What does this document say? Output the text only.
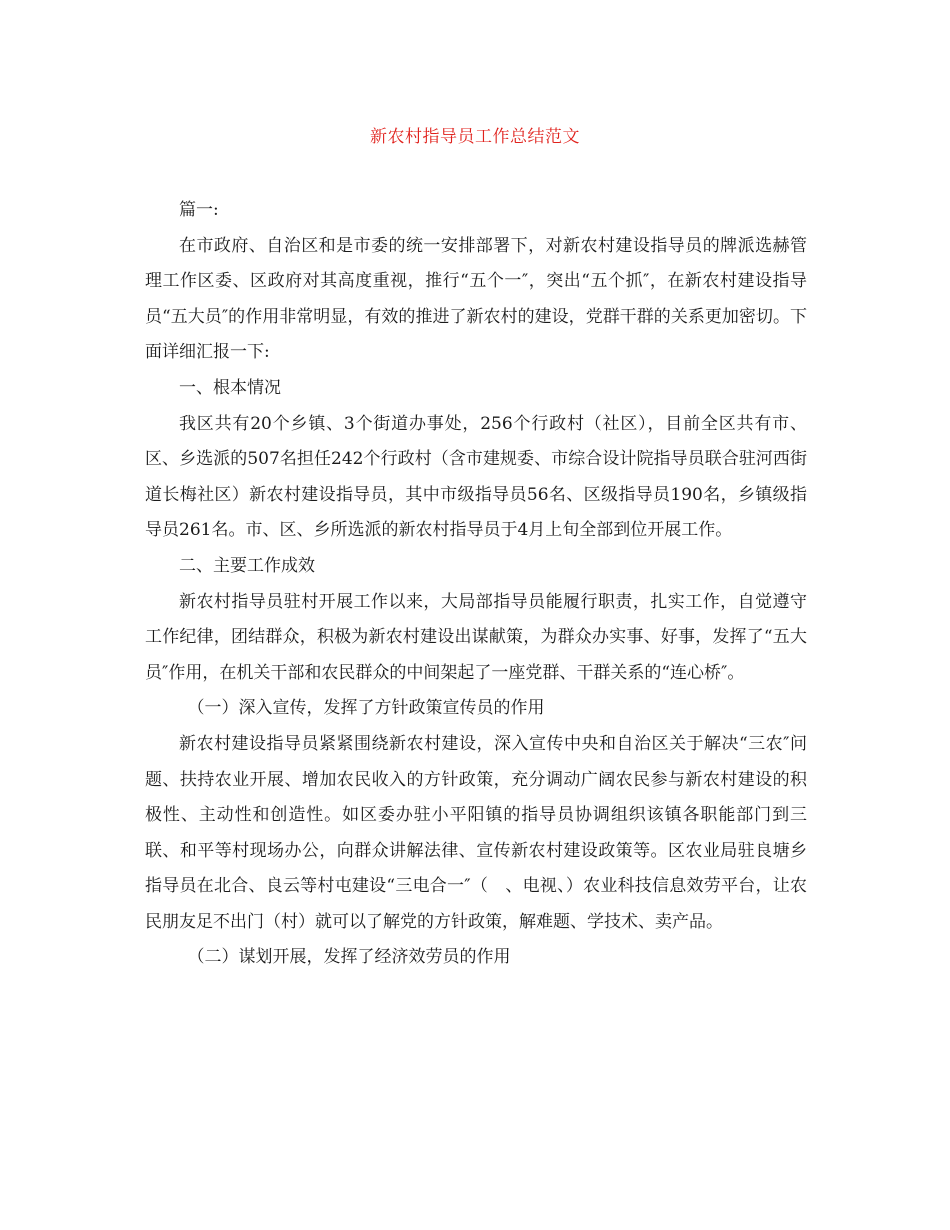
新农村指导员工作总结范文

篇一:

在市政府、自治区和是市委的统一安排部署下，对新农村建设指导员的牌派选赫管理工作区委、区政府对其高度重视，推行“五个一″，突出“五个抓″，在新农村建设指导员“五大员″的作用非常明显，有效的推进了新农村的建设，党群干群的关系更加密切。下面详细汇报一下:

一、根本情况

我区共有20个乡镇、3个街道办事处，256个行政村（社区），目前全区共有市、区、乡选派的507名担任242个行政村（含市建规委、市综合设计院指导员联合驻河西街道长梅社区）新农村建设指导员，其中市级指导员56名、区级指导员190名，乡镇级指导员261名。市、区、乡所选派的新农村指导员于4月上旬全部到位开展工作。

二、主要工作成效

新农村指导员驻村开展工作以来，大局部指导员能履行职责，扎实工作，自觉遵守工作纪律，团结群众，积极为新农村建设出谋献策，为群众办实事、好事，发挥了“五大员″作用，在机关干部和农民群众的中间架起了一座党群、干群关系的“连心桥″。

（一）深入宣传，发挥了方针政策宣传员的作用

新农村建设指导员紧紧围绕新农村建设，深入宣传中央和自治区关于解决“三农″问题、扶持农业开展、增加农民收入的方针政策，充分调动广阔农民参与新农村建设的积极性、主动性和创造性。如区委办驻小平阳镇的指导员协调组织该镇各职能部门到三联、和平等村现场办公，向群众讲解法律、宣传新农村建设政策等。区农业局驻良塘乡指导员在北合、良云等村屯建设“三电合一″（　、电视、）农业科技信息效劳平台，让农民朋友足不出门（村）就可以了解党的方针政策，解难题、学技术、卖产品。

（二）谋划开展，发挥了经济效劳员的作用
